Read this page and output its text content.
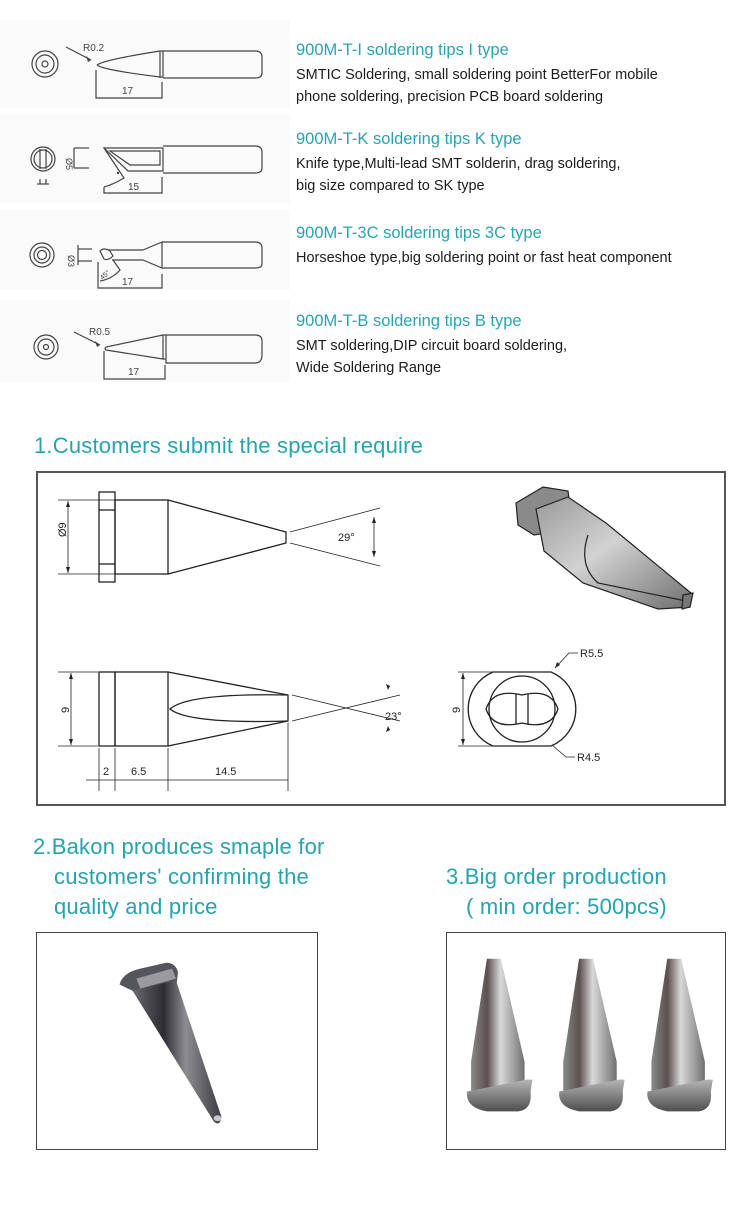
R0.2
17
900M-T-I soldering tips I type
SMTIC Soldering, small soldering point BetterFor mobile
phone soldering, precision PCB board soldering
Ø5
15
900M-T-K soldering tips K type
Knife type,Multi-lead SMT solderin, drag soldering,
big size compared to SK type
Ø3
45°
17
900M-T-3C soldering tips 3C type
Horseshoe type,big soldering point or fast heat component
R0.5
17
900M-T-B soldering tips B type
SMT soldering,DIP circuit board soldering,
Wide Soldering Range
1.Customers submit the special require
Ø9
29°
9
23°
2 6.5	14.5
9
R5.5
R4.5
2.Bakon produces smaple for
customers' confirming the
quality and price
3.Big order production
( min order: 500pcs)
